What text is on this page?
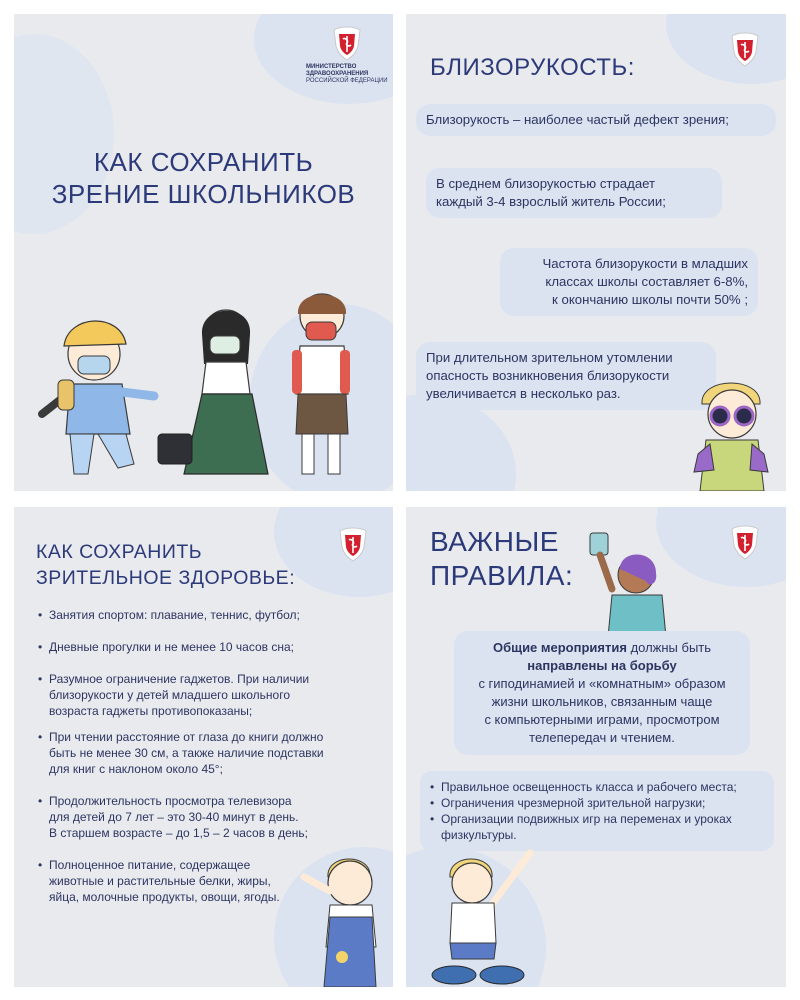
МИНИСТЕРСТВО
ЗДРАВООХРАНЕНИЯ
РОССИЙСКОЙ ФЕДЕРАЦИИ
КАК СОХРАНИТЬ
ЗРЕНИЕ ШКОЛЬНИКОВ
БЛИЗОРУКОСТЬ:
Близорукость – наиболее частый дефект зрения;
В среднем близорукостью страдает
каждый 3-4 взрослый житель России;
Частота близорукости в младших
классах школы составляет 6-8%,
к окончанию школы почти 50% ;
При длительном зрительном утомлении
опасность возникновения близорукости
увеличивается в несколько раз.
КАК СОХРАНИТЬ
ЗРИТЕЛЬНОЕ ЗДОРОВЬЕ:
• Занятия спортом: плавание, теннис, футбол;
• Дневные прогулки и не менее 10 часов сна;
• Разумное ограничение гаджетов. При наличии
близорукости у детей младшего школьного
возраста гаджеты противопоказаны;
• При чтении расстояние от глаза до книги должно
быть не менее 30 см, а также наличие подставки
для книг с наклоном около 45°;
• Продолжительность просмотра телевизора
для детей до 7 лет – это 30-40 минут в день.
В старшем возрасте – до 1,5 – 2 часов в день;
• Полноценное питание, содержащее
животные и растительные белки, жиры,
яйца, молочные продукты, овощи, ягоды.
ВАЖНЫЕ
ПРАВИЛА:
Общие мероприятия должны быть
направлены на борьбу
с гиподинамией и «комнатным» образом
жизни школьников, связанным чаще
с компьютерными играми, просмотром
телепередач и чтением.
• Правильное освещенность класса и рабочего места;
• Ограничения чрезмерной зрительной нагрузки;
• Организации подвижных игр на переменах и уроках
физкультуры.
